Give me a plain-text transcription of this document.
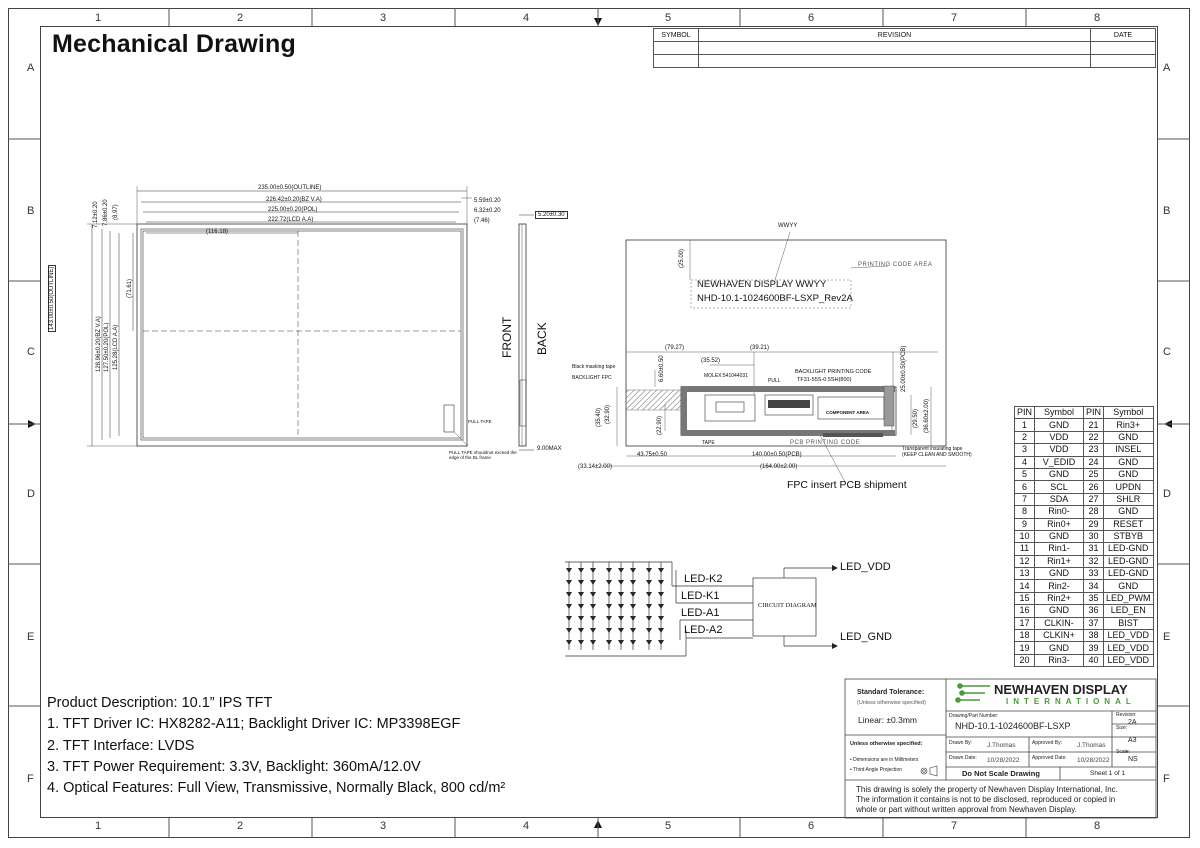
1	2	3	4	5	6	7	8
1	2	3	4	5	6	7	8
A
B
C
D
E
F
A
B
C
D
E
F
Mechanical Drawing	SYMBOL	REVISION	DATE

235.00±0.50(OUTLINE)
226.42±0.20(BZ V.A)
225.00±0.20(POL)
222.72(LCD A.A)
(116.18)
5.59±0.20
6.32±0.20
(7.46)
143.00±0.50(OUTLINE)
128.96±0.20(BZ V.A) 127.50±0.20(POL) 125.28(LCD A.A)
7.12±0.20 7.86±0.20 (8.97)
(71.61)
PULL TAPE
PULL TAPE shouldnot exceed the edge of the BL frame
FRONT BACK
5.20±0.30
9.00MAX
WWYY
PRINTING CODE AREA
NEWHAVEN DISPLAY WWYY
NHD-10.1-1024600BF-LSXP_Rev2A
(25.00)
(79.27)
(35.52)
(39.21)
Black masking tape
BACKLIGHT FPC	MOLEX:541044031
PULL
BACKLIGHT PRINTING CODE
TF31-55S-0.5SH(800)
6.60±0.50
(35.40) (32.90)
(22.90)
25.00±0.50(PCB)
(29.50) (36.60±2.00)
COMPONENT AREA
TAPE	PCB PRINTING CODE
Transparent insulating tape
(KEEP CLEAN AND SMOOTH)
43.75±0.50	140.00±0.50(PCB)
(33.14±2.00)	(164.00±2.00)
FPC insert PCB shipment
LED-K2
LED-K1
LED-A1
LED-A2
CIRCUIT DIAGRAM
LED_VDD
LED_GND
PIN	Symbol	PIN	Symbol
1	GND	21	Rin3+
2	VDD	22	GND
3	VDD	23	INSEL
4	V_EDID	24	GND
5	GND	25	GND
6	SCL	26	UPDN
7	SDA	27	SHLR
8	Rin0-	28	GND
9	Rin0+	29	RESET
10	GND	30	STBYB
11	Rin1-	31	LED-GND
12	Rin1+	32	LED-GND
13	GND	33	LED-GND
14	Rin2-	34	GND
15	Rin2+	35	LED_PWM
16	GND	36	LED_EN
17	CLKIN-	37	BIST
18	CLKIN+	38	LED_VDD
19	GND	39	LED_VDD
20	Rin3-	40	LED_VDD
Product Description: 10.1” IPS TFT
1. TFT Driver IC: HX8282-A11; Backlight Driver IC: MP3398EGF
2. TFT Interface: LVDS
3. TFT Power Requirement: 3.3V, Backlight: 360mA/12.0V
4. Optical Features: Full View, Transmissive, Normally Black, 800 cd/m²
Standard Tolerance:
(Unless otherwise specified)
Linear: ±0.3mm
Unless otherwise specified:
• Dimensions are in Millimeters
• Third Angle Projection
NEWHAVEN DISPLAY
INTERNATIONAL
Drawing/Part Number:
NHD-10.1-1024600BF-LSXP
Revision:
2A
Size:
A3
Drawn By: J.Thomas	Approved By: J.Thomas
Scale:
NS
Drawn Date: 10/28/2022 Approved Date: 10/28/2022
Do Not Scale Drawing	Sheet 1 of 1
This drawing is solely the property of Newhaven Display International, Inc.
The information it contains is not to be disclosed, reproduced or copied in
whole or part without written approval from Newhaven Display.
